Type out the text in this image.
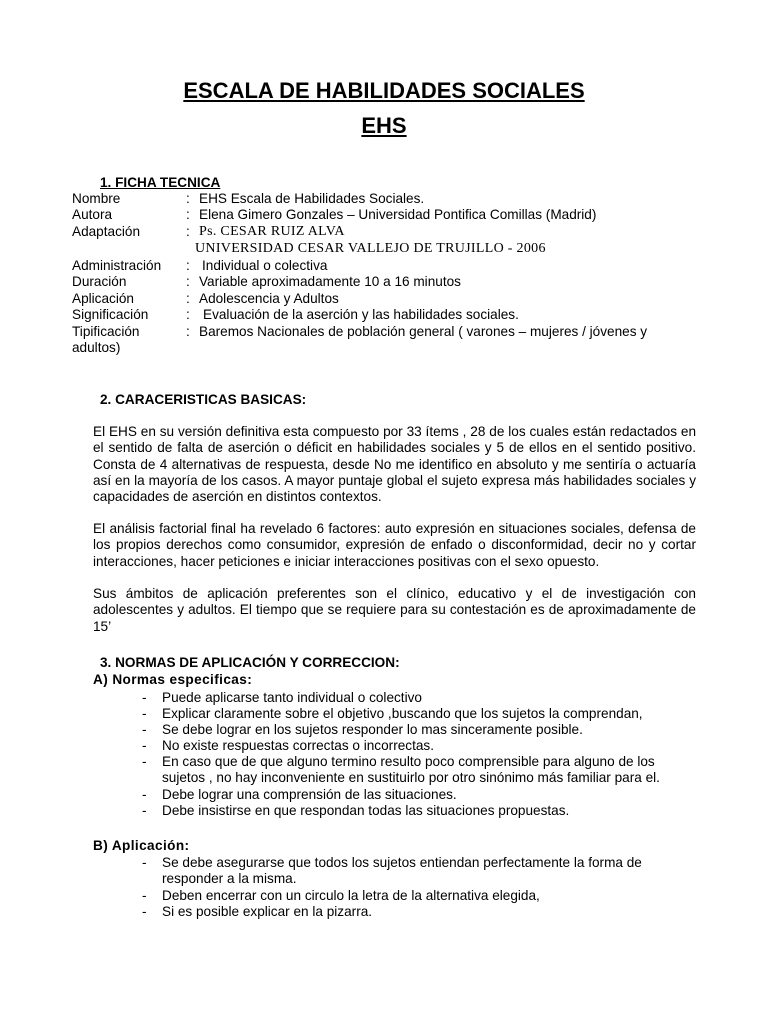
ESCALA DE HABILIDADES SOCIALES
EHS
1. FICHA TECNICA
Nombre	: EHS Escala de Habilidades Sociales.
Autora	: Elena Gimero Gonzales – Universidad Pontifica Comillas (Madrid)
Adaptación	: Ps. CESAR RUIZ ALVA
UNIVERSIDAD CESAR VALLEJO DE TRUJILLO - 2006
Administración : Individual o colectiva
Duración	: Variable aproximadamente 10 a 16 minutos
Aplicación	: Adolescencia y Adultos
Significación	: Evaluación de la aserción y las habilidades sociales.
Tipificación	: Baremos Nacionales de población general ( varones – mujeres / jóvenes y
adultos)
2. CARACERISTICAS BASICAS:

El EHS en su versión definitiva esta compuesto por 33 ítems , 28 de los cuales están redactados en el sentido de falta de aserción o déficit en habilidades sociales y 5 de ellos en el sentido positivo. Consta de 4 alternativas de respuesta, desde No me identifico en absoluto y me sentiría o actuaría así en la mayoría de los casos. A mayor puntaje global el sujeto expresa más habilidades sociales y capacidades de aserción en distintos contextos.

El análisis factorial final ha revelado 6 factores: auto expresión en situaciones sociales, defensa de los propios derechos como consumidor, expresión de enfado o disconformidad, decir no y cortar interacciones, hacer peticiones e iniciar interacciones positivas con el sexo opuesto.

Sus ámbitos de aplicación preferentes son el clínico, educativo y el de investigación con adolescentes y adultos. El tiempo que se requiere para su contestación es de aproximadamente de 15’

3. NORMAS DE APLICACIÓN Y CORRECCION:
A) Normas especificas:
- Puede aplicarse tanto individual o colectivo
- Explicar claramente sobre el objetivo ,buscando que los sujetos la comprendan,
- Se debe lograr en los sujetos responder lo mas sinceramente posible.
- No existe respuestas correctas o incorrectas.
- En caso que de que alguno termino resulto poco comprensible para alguno de los sujetos , no hay inconveniente en sustituirlo por otro sinónimo más familiar para el.
- Debe lograr una comprensión de las situaciones.
- Debe insistirse en que respondan todas las situaciones propuestas.
B) Aplicación:
- Se debe asegurarse que todos los sujetos entiendan perfectamente la forma de responder a la misma.
- Deben encerrar con un circulo la letra de la alternativa elegida,
- Si es posible explicar en la pizarra.
